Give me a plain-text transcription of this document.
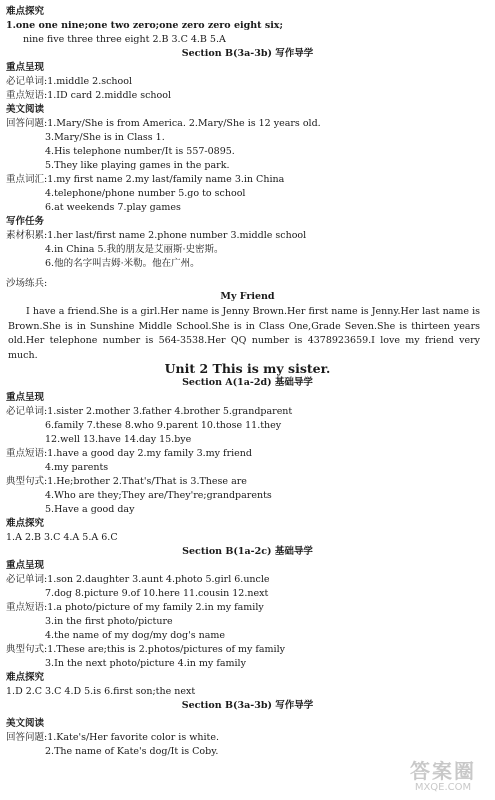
难点探究
1.one one nine;one two zero;one zero zero eight six;
nine five three three eight 2.B 3.C 4.B 5.A
Section B(3a-3b) 写作导学
重点呈现
必记单词:1.middle 2.school
重点短语:1.ID card 2.middle school
美文阅读
回答问题:1.Mary/She is from America. 2.Mary/She is 12 years old.
3.Mary/She is in Class 1.
4.His telephone number/It is 557-0895.
5.They like playing games in the park.
重点词汇:1.my first name 2.my last/family name 3.in China
4.telephone/phone number 5.go to school
6.at weekends 7.play games
写作任务
素材积累:1.her last/first name 2.phone number 3.middle school
4.in China 5.我的朋友是艾丽斯·史密斯。
6.他的名字叫吉姆·米勒。他在广州。
沙场练兵:
My Friend
Unit 2 This is my sister.
Section A(1a-2d) 基础导学
重点呈现
必记单词:1.sister 2.mother 3.father 4.brother 5.grandparent
6.family 7.these 8.who 9.parent 10.those 11.they
12.well 13.have 14.day 15.bye
重点短语:1.have a good day 2.my family 3.my friend
4.my parents
典型句式:1.He;brother 2.That's/That is 3.These are
4.Who are they;They are/They're;grandparents
5.Have a good day
难点探究
1.A 2.B 3.C 4.A 5.A 6.C
Section B(1a-2c) 基础导学
重点呈现
必记单词:1.son 2.daughter 3.aunt 4.photo 5.girl 6.uncle
7.dog 8.picture 9.of 10.here 11.cousin 12.next
重点短语:1.a photo/picture of my family 2.in my family
3.in the first photo/picture
4.the name of my dog/my dog's name
典型句式:1.These are;this is 2.photos/pictures of my family
3.In the next photo/picture 4.in my family
难点探究
1.D 2.C 3.C 4.D 5.is 6.first son;the next
Section B(3a-3b) 写作导学
美文阅读
回答问题:1.Kate's/Her favorite color is white.
2.The name of Kate's dog/It is Coby.
I have a friend.She is a girl.Her name is Jenny Brown.Her first name is Jenny.Her last name is Brown.She is in Sunshine Middle School.She is in Class One,Grade Seven.She is thirteen years old.Her telephone number is 564-3538.Her QQ number is 4378923659.I love my friend very much.
答案圈
MXQE.COM
